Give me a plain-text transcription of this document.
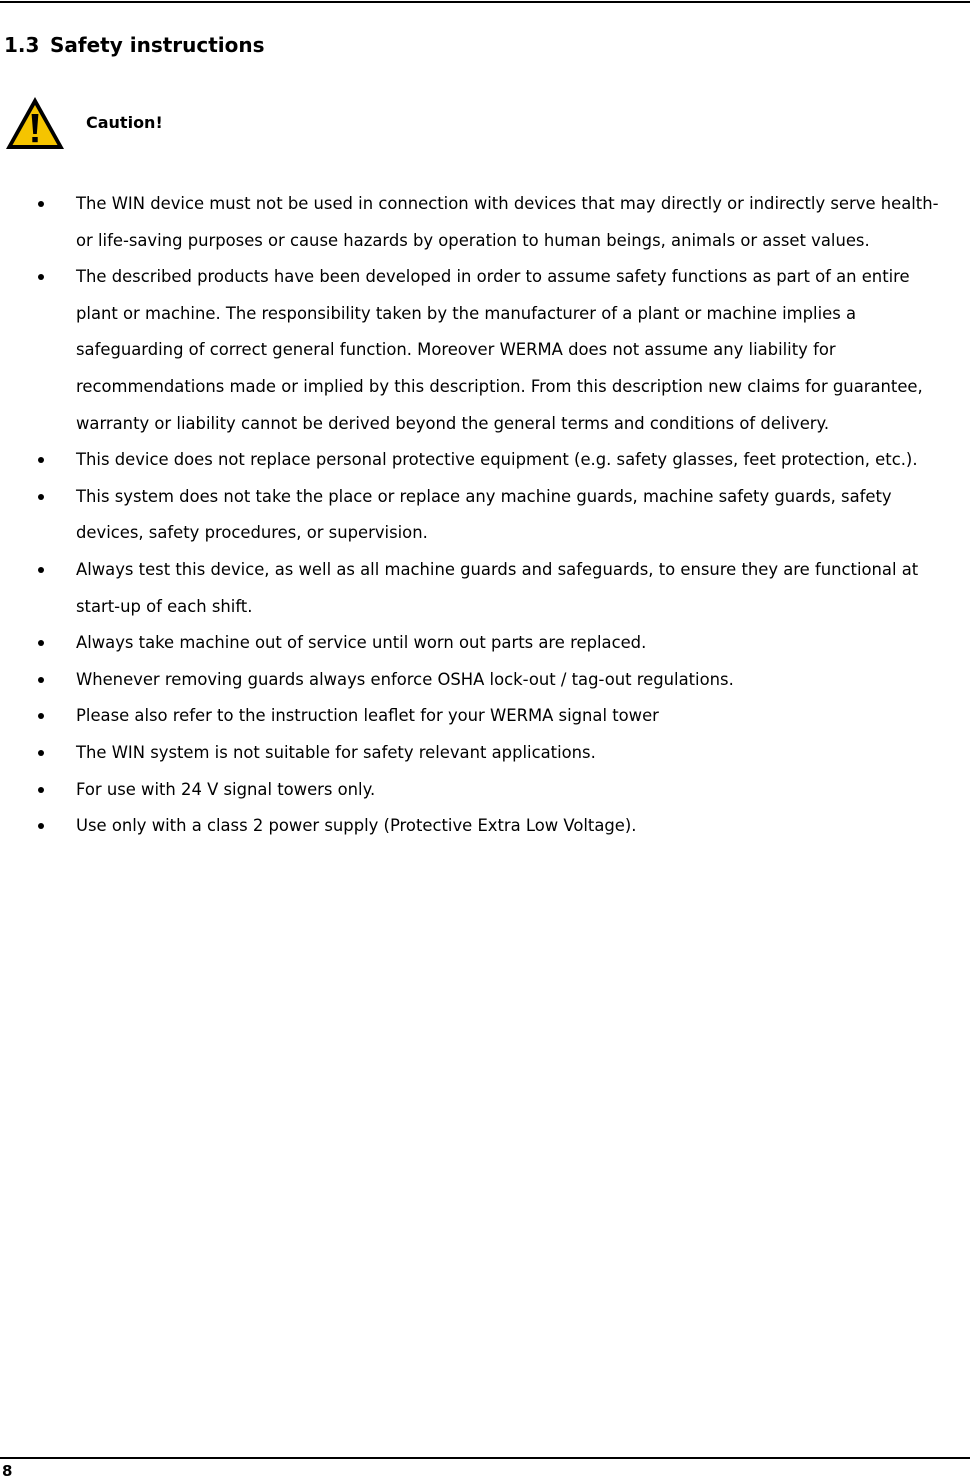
1.3 Safety instructions
Caution!
The WIN device must not be used in connection with devices that may directly or indirectly serve health- or life-saving purposes or cause hazards by operation to human beings, animals or asset values.
The described products have been developed in order to assume safety functions as part of an entire plant or machine. The responsibility taken by the manufacturer of a plant or machine implies a safeguarding of correct general function. Moreover WERMA does not assume any liability for recommendations made or implied by this description. From this description new claims for guarantee, warranty or liability cannot be derived beyond the general terms and conditions of delivery.
This device does not replace personal protective equipment (e.g. safety glasses, feet protection, etc.).
This system does not take the place or replace any machine guards, machine safety guards, safety devices, safety procedures, or supervision.
Always test this device, as well as all machine guards and safeguards, to ensure they are functional at start-up of each shift.
Always take machine out of service until worn out parts are replaced.
Whenever removing guards always enforce OSHA lock-out / tag-out regulations.
Please also refer to the instruction leaflet for your WERMA signal tower
The WIN system is not suitable for safety relevant applications.
For use with 24 V signal towers only.
Use only with a class 2 power supply (Protective Extra Low Voltage).
8
